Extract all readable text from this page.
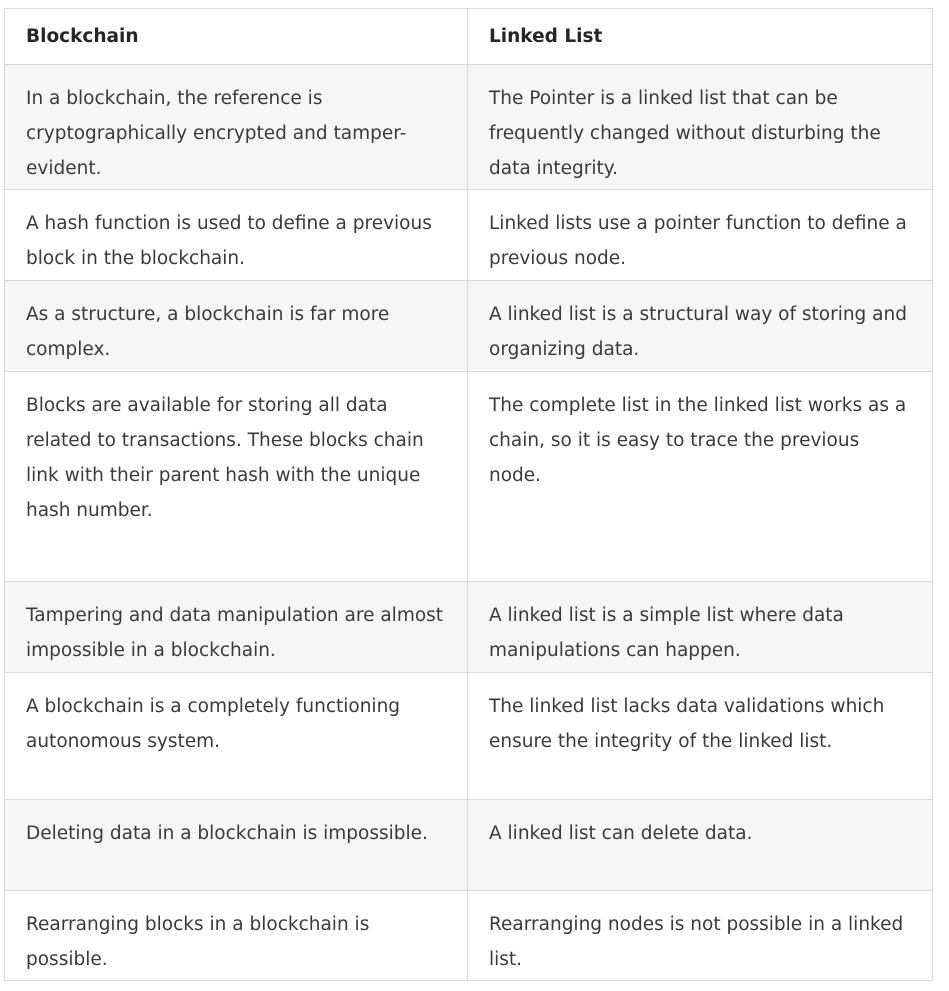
Blockchain	Linked List
In a blockchain, the reference is cryptographically encrypted and tamper-evident.	The Pointer is a linked list that can be frequently changed without disturbing the data integrity.
A hash function is used to define a previous block in the blockchain.	Linked lists use a pointer function to define a previous node.
As a structure, a blockchain is far more complex.	A linked list is a structural way of storing and organizing data.
Blocks are available for storing all data related to transactions. These blocks chain link with their parent hash with the unique hash number.	The complete list in the linked list works as a chain, so it is easy to trace the previous node.
Tampering and data manipulation are almost impossible in a blockchain.	A linked list is a simple list where data manipulations can happen.
A blockchain is a completely functioning autonomous system.	The linked list lacks data validations which ensure the integrity of the linked list.
Deleting data in a blockchain is impossible.	A linked list can delete data.
Rearranging blocks in a blockchain is possible.	Rearranging nodes is not possible in a linked list.
